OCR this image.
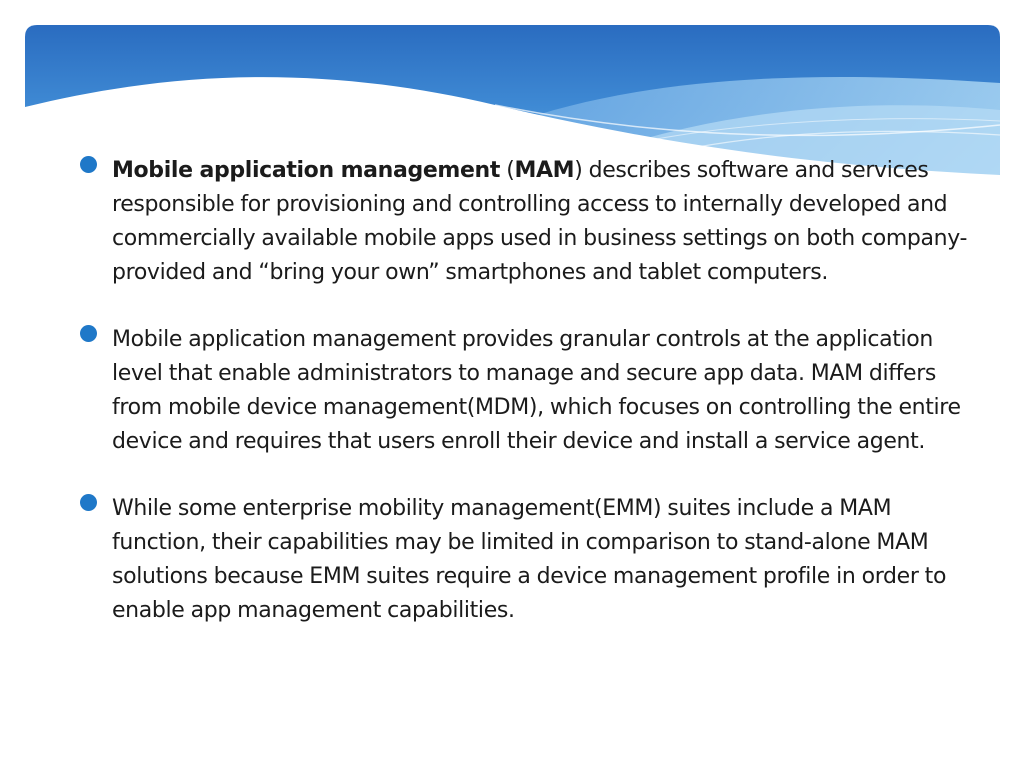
Mobile application management (MAM) describes software and services responsible for provisioning and controlling access to internally developed and commercially available mobile apps used in business settings on both company-provided and “bring your own” smartphones and tablet computers.
Mobile application management provides granular controls at the application level that enable administrators to manage and secure app data. MAM differs from mobile device management(MDM), which focuses on controlling the entire device and requires that users enroll their device and install a service agent.
While some enterprise mobility management(EMM) suites include a MAM function, their capabilities may be limited in comparison to stand-alone MAM solutions because EMM suites require a device management profile in order to enable app management capabilities.
